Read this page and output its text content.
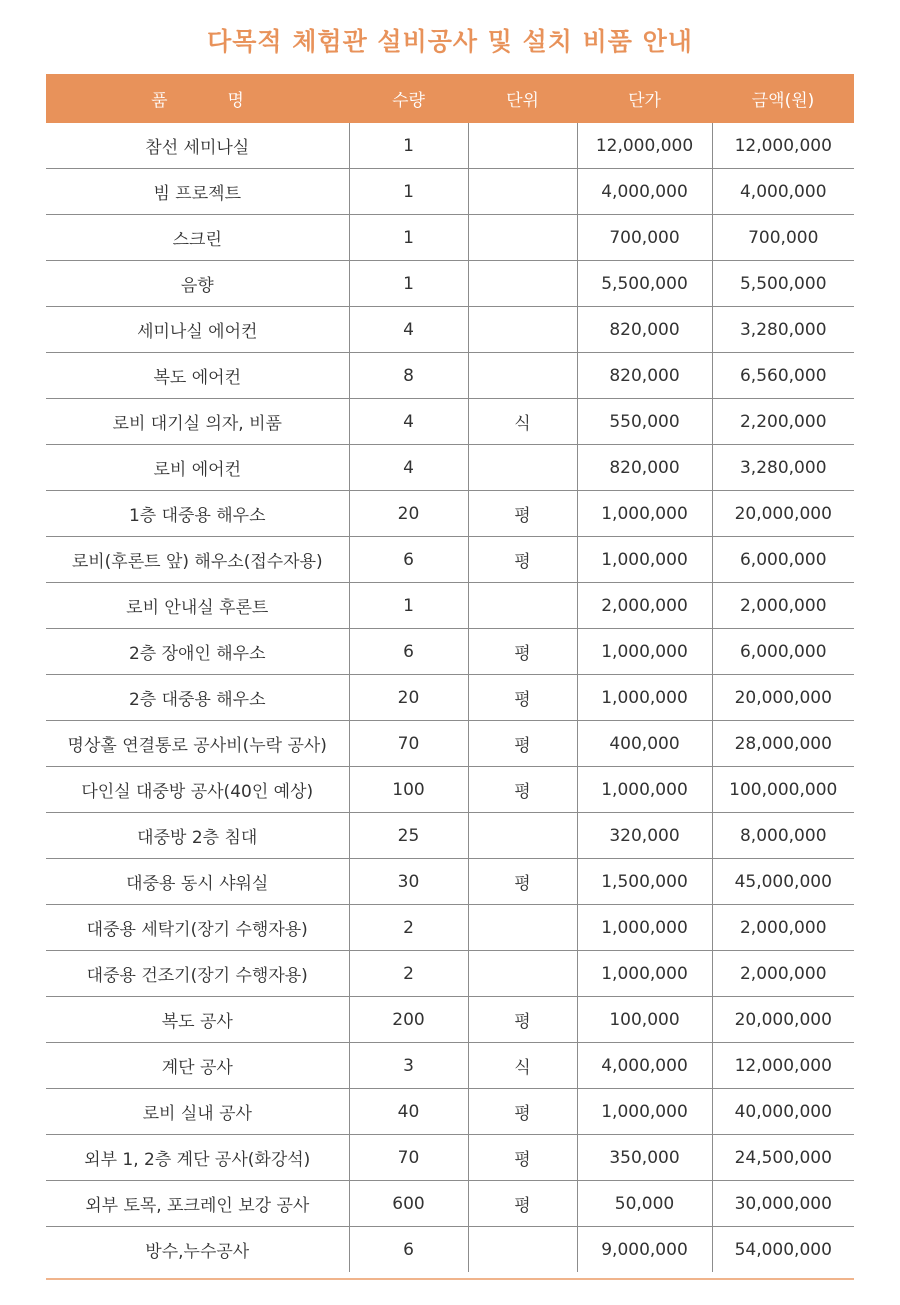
다목적 체험관 설비공사 및 설치 비품 안내
품 명	수량	단위	단가	금액(원)
참선 세미나실	1		12,000,000	12,000,000
빔 프로젝트	1		4,000,000	4,000,000
스크린	1		700,000	700,000
음향	1		5,500,000	5,500,000
세미나실 에어컨	4		820,000	3,280,000
복도 에어컨	8		820,000	6,560,000
로비 대기실 의자, 비품	4	식	550,000	2,200,000
로비 에어컨	4		820,000	3,280,000
1층 대중용 해우소	20	평	1,000,000	20,000,000
로비(후론트 앞) 해우소(접수자용)	6	평	1,000,000	6,000,000
로비 안내실 후론트	1		2,000,000	2,000,000
2층 장애인 해우소	6	평	1,000,000	6,000,000
2층 대중용 해우소	20	평	1,000,000	20,000,000
명상홀 연결통로 공사비(누락 공사)	70	평	400,000	28,000,000
다인실 대중방 공사(40인 예상)	100	평	1,000,000	100,000,000
대중방 2층 침대	25		320,000	8,000,000
대중용 동시 샤워실	30	평	1,500,000	45,000,000
대중용 세탁기(장기 수행자용)	2		1,000,000	2,000,000
대중용 건조기(장기 수행자용)	2		1,000,000	2,000,000
복도 공사	200	평	100,000	20,000,000
계단 공사	3	식	4,000,000	12,000,000
로비 실내 공사	40	평	1,000,000	40,000,000
외부 1, 2층 계단 공사(화강석)	70	평	350,000	24,500,000
외부 토목, 포크레인 보강 공사	600	평	50,000	30,000,000
방수,누수공사	6		9,000,000	54,000,000
